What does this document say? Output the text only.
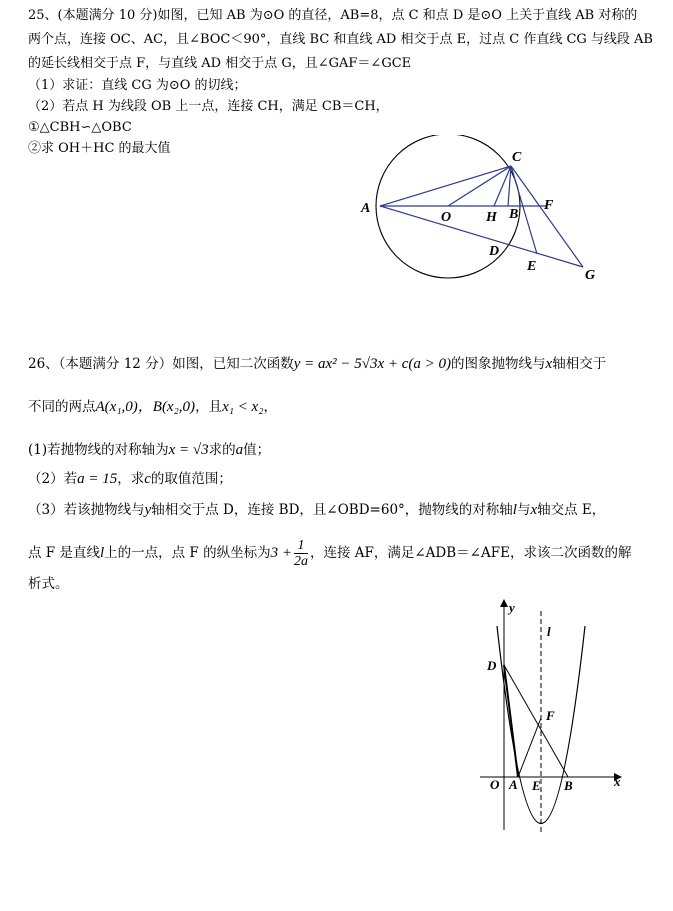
25、(本题满分 10 分)如图，已知 AB 为⊙O 的直径，AB=8，点 C 和点 D 是⊙O 上关于直线 AB 对称的
两个点，连接 OC、AC，且∠BOC＜90°，直线 BC 和直线 AD 相交于点 E，过点 C 作直线 CG 与线段 AB
的延长线相交于点 F，与直线 AD 相交于点 G，且∠GAF＝∠GCE
（1）求证：直线 CG 为⊙O 的切线；
（2）若点 H 为线段 OB 上一点，连接 CH，满足 CB＝CH，
①△CBH∽△OBC
②求 OH＋HC 的最大值
A
O H B
C
F
D
E
G
26、（本题满分 12 分）如图，已知二次函数y = ax² − 5√3x + c(a > 0)的图象抛物线与x轴相交于
不同的两点A(x₁,0)，B(x₂,0)，且x₁ < x₂，
(1)若抛物线的对称轴为x = √3求的a值；
（2）若a = 15，求c的取值范围；
（3）若该抛物线与y轴相交于点 D，连接 BD，且∠OBD=60°，抛物线的对称轴l与x轴交点 E，
点 F 是直线l上的一点，点 F 的纵坐标为$3 + \frac{1}{2a}$ ，连接 AF，满足∠ADB＝∠AFE，求该二次函数的解
析式。
y
l
D
F
O A E B	x
